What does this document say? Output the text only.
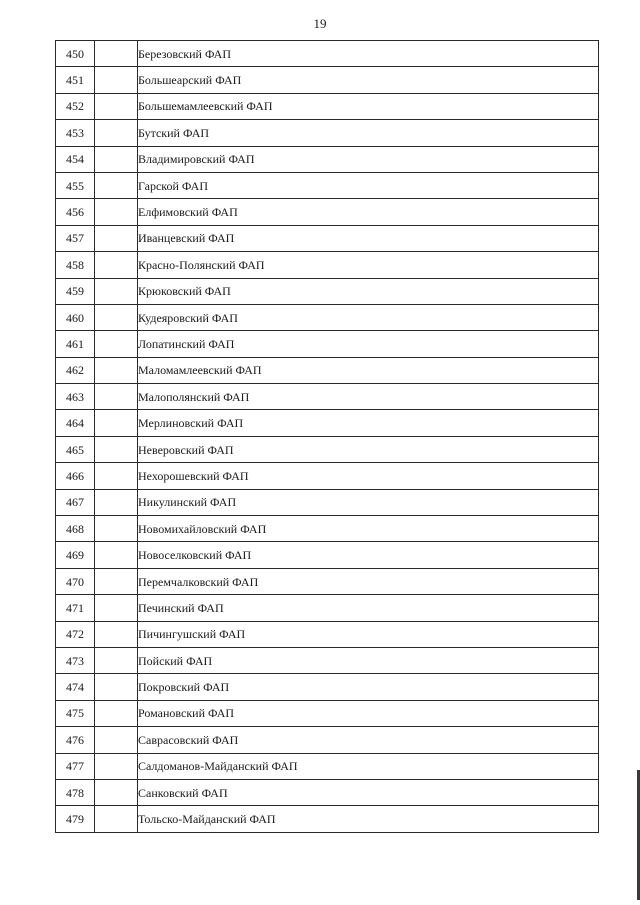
19
450		Березовский ФАП
451		Большеарский ФАП
452		Большемамлеевский ФАП
453		Бутский ФАП
454		Владимировский ФАП
455		Гарской ФАП
456		Елфимовский ФАП
457		Иванцевский ФАП
458		Красно-Полянский ФАП
459		Крюковский ФАП
460		Кудеяровский ФАП
461		Лопатинский ФАП
462		Маломамлеевский ФАП
463		Малополянский ФАП
464		Мерлиновский ФАП
465		Неверовский ФАП
466		Нехорошевский ФАП
467		Никулинский ФАП
468		Новомихайловский ФАП
469		Новоселковский ФАП
470		Перемчалковский ФАП
471		Печинский ФАП
472		Пичингушский ФАП
473		Пойский ФАП
474		Покровский ФАП
475		Романовский ФАП
476		Саврасовский ФАП
477		Салдоманов-Майданский ФАП
478		Санковский ФАП
479		Тольско-Майданский ФАП
